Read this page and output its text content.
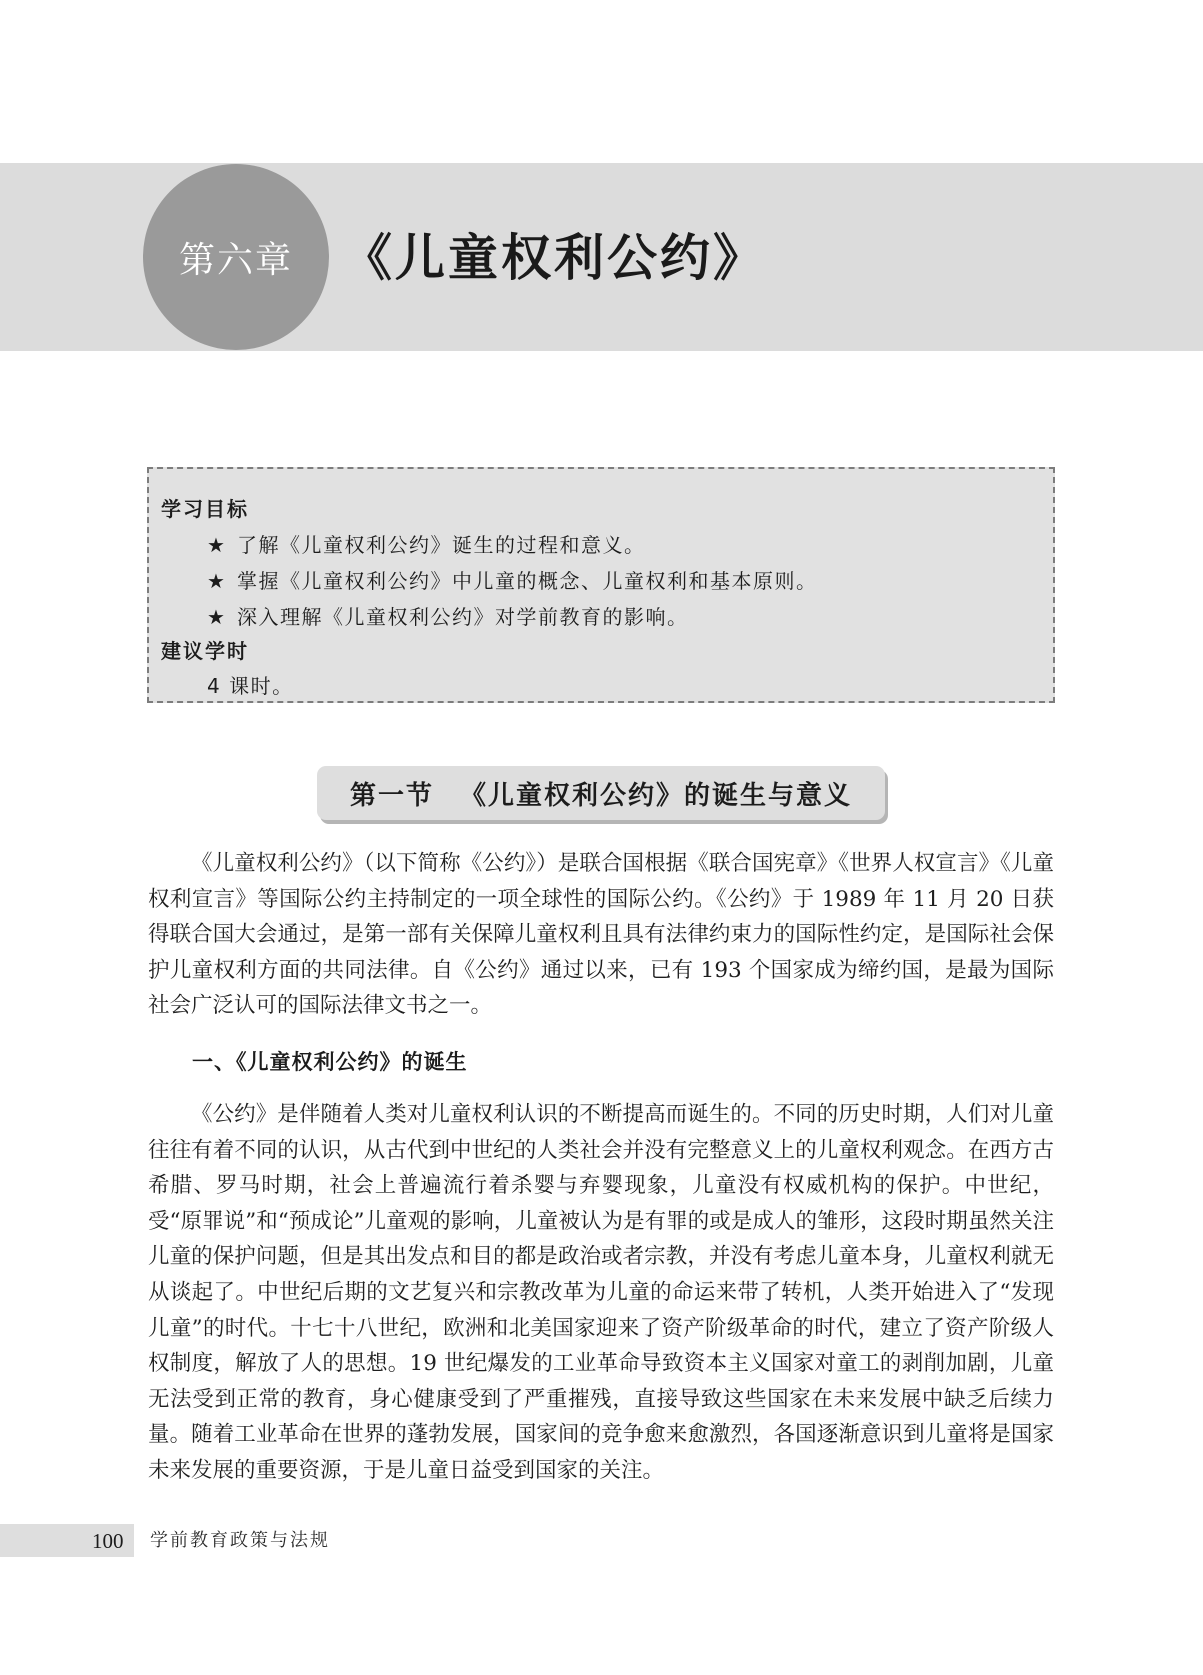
第六章 《儿童权利公约》
学习目标
★ 了解《儿童权利公约》诞生的过程和意义。
★ 掌握《儿童权利公约》中儿童的概念、儿童权利和基本原则。
★ 深入理解《儿童权利公约》对学前教育的影响。
建议学时
4 课时。
第一节 《儿童权利公约》的诞生与意义

《儿童权利公约》（以下简称《公约》）是联合国根据《联合国宪章》《世界人权宣言》《儿童权利宣言》等国际公约主持制定的一项全球性的国际公约。《公约》于 1989 年 11 月 20 日获得联合国大会通过，是第一部有关保障儿童权利且具有法律约束力的国际性约定，是国际社会保护儿童权利方面的共同法律。自《公约》通过以来，已有 193 个国家成为缔约国，是最为国际社会广泛认可的国际法律文书之一。

一、《儿童权利公约》的诞生

《公约》是伴随着人类对儿童权利认识的不断提高而诞生的。不同的历史时期，人们对儿童往往有着不同的认识，从古代到中世纪的人类社会并没有完整意义上的儿童权利观念。在西方古希腊、罗马时期，社会上普遍流行着杀婴与弃婴现象，儿童没有权威机构的保护。中世纪，受“原罪说”和“预成论”儿童观的影响，儿童被认为是有罪的或是成人的雏形，这段时期虽然关注儿童的保护问题，但是其出发点和目的都是政治或者宗教，并没有考虑儿童本身，儿童权利就无从谈起了。中世纪后期的文艺复兴和宗教改革为儿童的命运来带了转机，人类开始进入了“发现儿童”的时代。十七十八世纪，欧洲和北美国家迎来了资产阶级革命的时代，建立了资产阶级人权制度，解放了人的思想。19 世纪爆发的工业革命导致资本主义国家对童工的剥削加剧，儿童无法受到正常的教育，身心健康受到了严重摧残，直接导致这些国家在未来发展中缺乏后续力量。随着工业革命在世界的蓬勃发展，国家间的竞争愈来愈激烈，各国逐渐意识到儿童将是国家未来发展的重要资源，于是儿童日益受到国家的关注。

100 学前教育政策与法规
